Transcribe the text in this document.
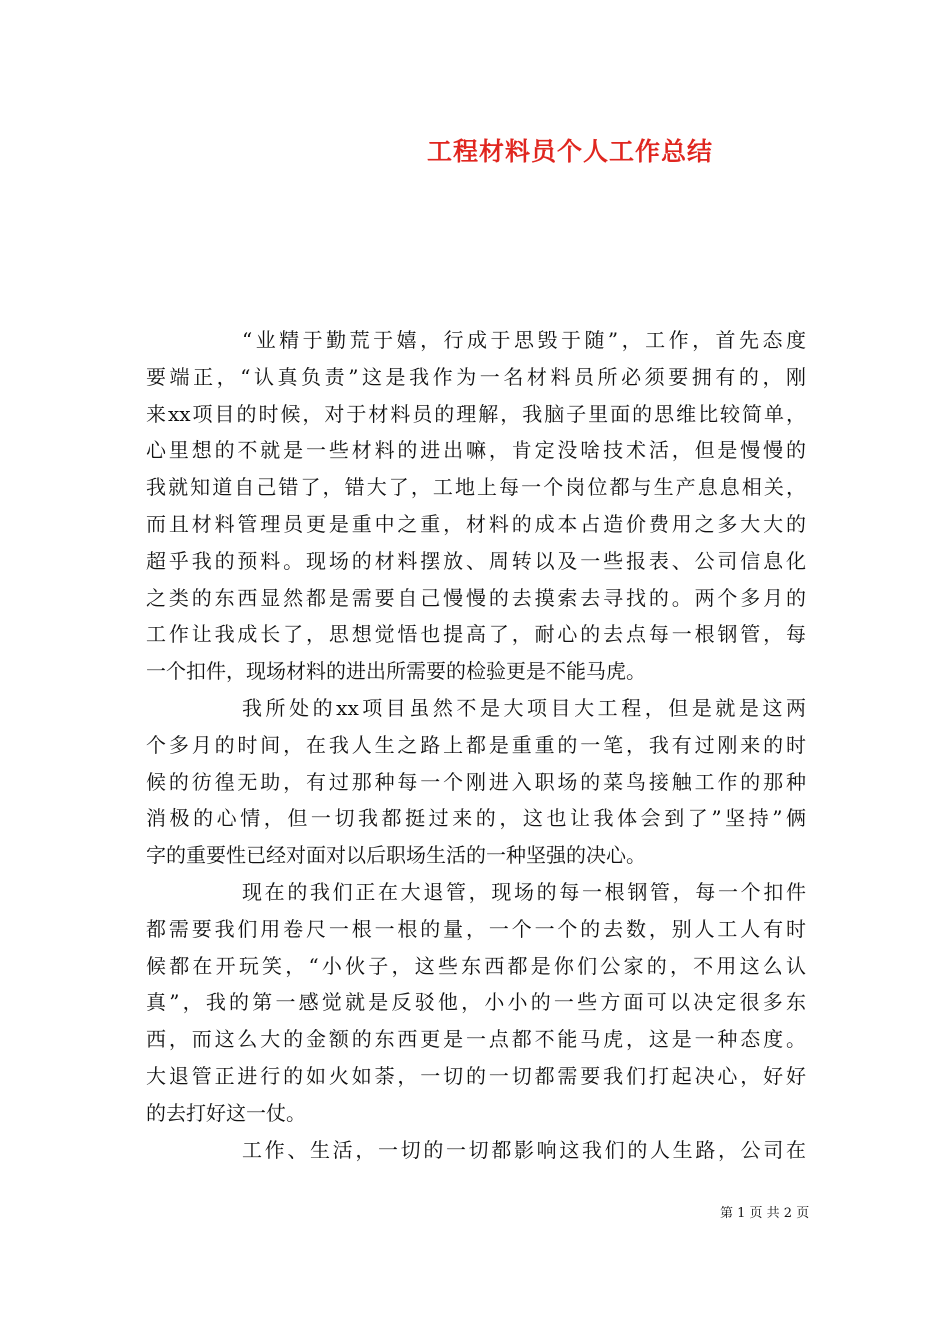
工程材料员个人工作总结
“业精于勤荒于嬉，行成于思毁于随”，工作，首先态度
要端正，“认真负责”这是我作为一名材料员所必须要拥有的，刚
来xx项目的时候，对于材料员的理解，我脑子里面的思维比较简单，
心里想的不就是一些材料的进出嘛，肯定没啥技术活，但是慢慢的
我就知道自己错了，错大了，工地上每一个岗位都与生产息息相关，
而且材料管理员更是重中之重，材料的成本占造价费用之多大大的
超乎我的预料。现场的材料摆放、周转以及一些报表、公司信息化
之类的东西显然都是需要自己慢慢的去摸索去寻找的。两个多月的
工作让我成长了，思想觉悟也提高了，耐心的去点每一根钢管，每
一个扣件，现场材料的进出所需要的检验更是不能马虎。
我所处的xx项目虽然不是大项目大工程，但是就是这两
个多月的时间，在我人生之路上都是重重的一笔，我有过刚来的时
候的彷徨无助，有过那种每一个刚进入职场的菜鸟接触工作的那种
消极的心情，但一切我都挺过来的，这也让我体会到了”坚持”俩
字的重要性已经对面对以后职场生活的一种坚强的决心。
现在的我们正在大退管，现场的每一根钢管，每一个扣件
都需要我们用卷尺一根一根的量，一个一个的去数，别人工人有时
候都在开玩笑，“小伙子，这些东西都是你们公家的，不用这么认
真”，我的第一感觉就是反驳他，小小的一些方面可以决定很多东
西，而这么大的金额的东西更是一点都不能马虎，这是一种态度。
大退管正进行的如火如荼，一切的一切都需要我们打起决心，好好
的去打好这一仗。
工作、生活，一切的一切都影响这我们的人生路，公司在
第 1 页 共 2 页
